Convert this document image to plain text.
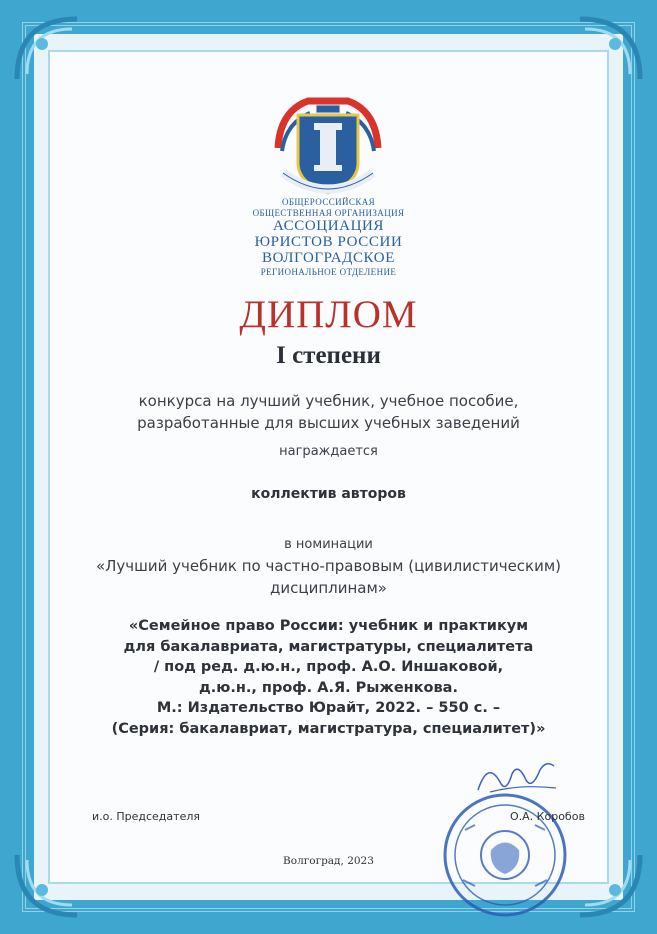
ОБЩЕРОССИЙСКАЯ
ОБЩЕСТВЕННАЯ ОРГАНИЗАЦИЯ
АССОЦИАЦИЯ
ЮРИСТОВ РОССИИ
ВОЛГОГРАДСКОЕ
РЕГИОНАЛЬНОЕ ОТДЕЛЕНИЕ
ДИПЛОМ
I степени
конкурса на лучший учебник, учебное пособие,
разработанные для высших учебных заведений
награждается
коллектив авторов
в номинации
«Лучший учебник по частно-правовым (цивилистическим)
дисциплинам»
«Семейное право России: учебник и практикум
для бакалавриата, магистратуры, специалитета
/ под ред. д.ю.н., проф. А.О. Иншаковой,
д.ю.н., проф. А.Я. Рыженкова.
М.: Издательство Юрайт, 2022. – 550 с. –
(Серия: бакалавриат, магистратура, специалитет)»
и.о. Председателя	О.А. Коробов
Волгоград, 2023
